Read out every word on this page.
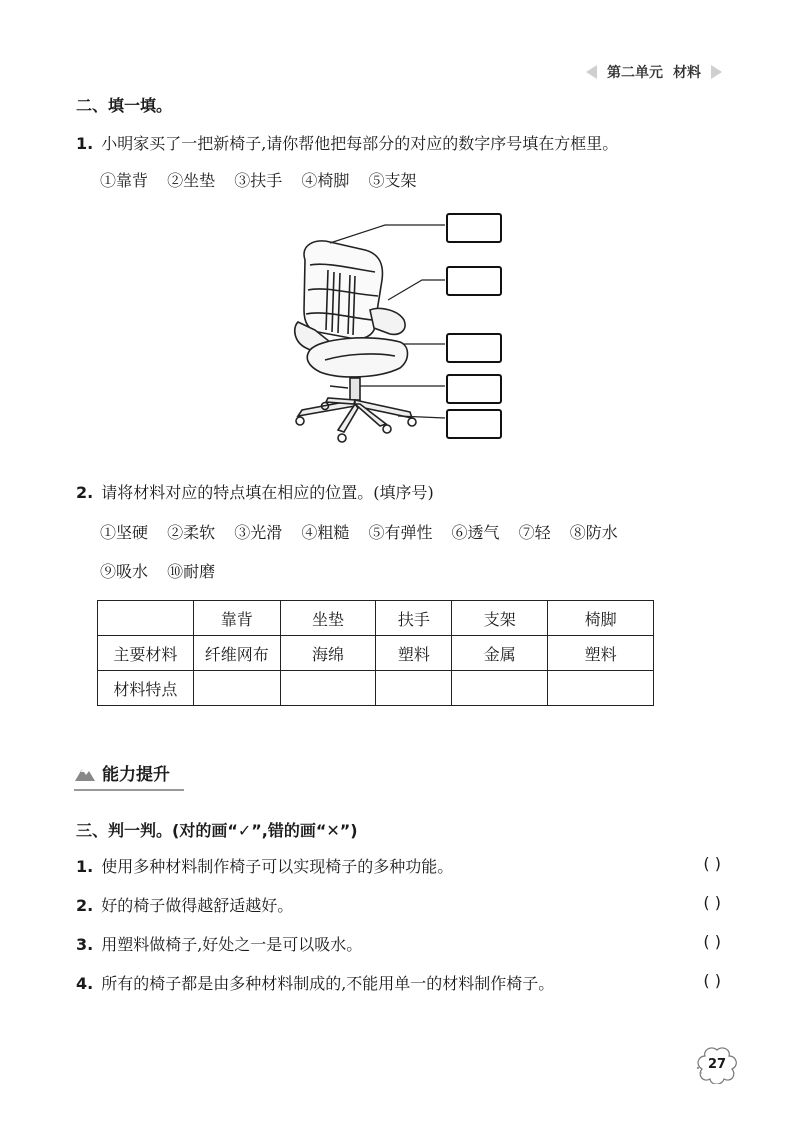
第二单元 材料
二、填一填。
1. 小明家买了一把新椅子,请你帮他把每部分的对应的数字序号填在方框里。
①靠背 ②坐垫 ③扶手 ④椅脚 ⑤支架
2. 请将材料对应的特点填在相应的位置。(填序号)
①坚硬 ②柔软 ③光滑 ④粗糙 ⑤有弹性 ⑥透气 ⑦轻 ⑧防水
⑨吸水 ⑩耐磨
	靠背	坐垫	扶手	支架	椅脚
主要材料	纤维网布	海绵	塑料	金属	塑料
材料特点					
能力提升
三、判一判。(对的画“✓”,错的画“✕”)
1. 使用多种材料制作椅子可以实现椅子的多种功能。	( )
2. 好的椅子做得越舒适越好。	( )
3. 用塑料做椅子,好处之一是可以吸水。	( )
4. 所有的椅子都是由多种材料制成的,不能用单一的材料制作椅子。	( )
27
